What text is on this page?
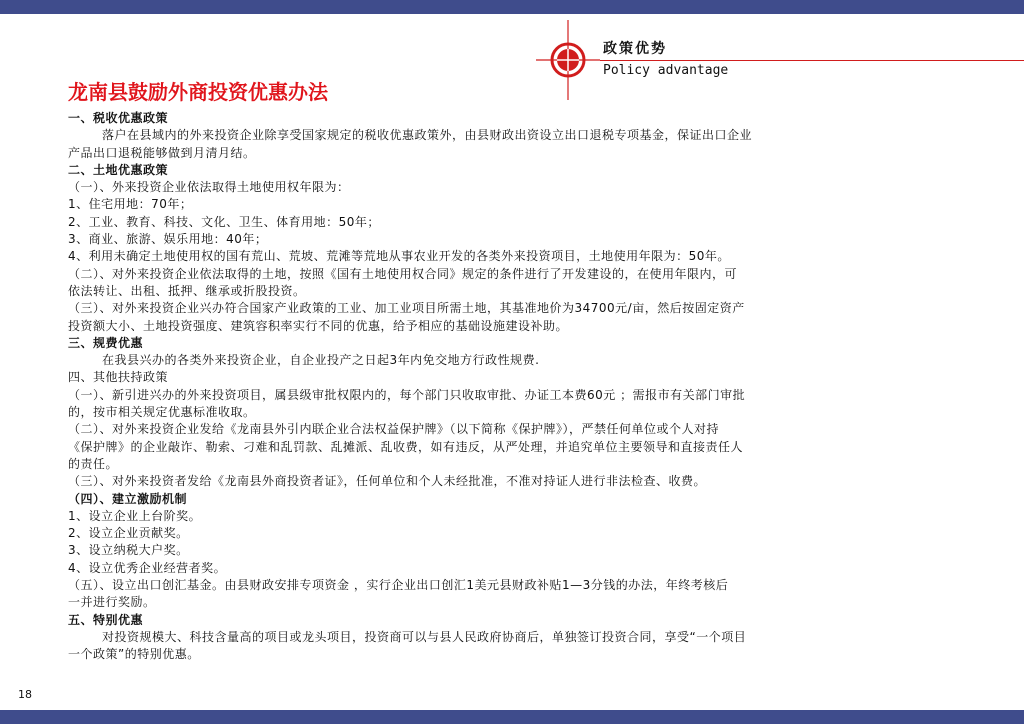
政策优势
Policy advantage
龙南县鼓励外商投资优惠办法
一、税收优惠政策
落户在县域内的外来投资企业除享受国家规定的税收优惠政策外，由县财政出资设立出口退税专项基金，保证出口企业
产品出口退税能够做到月清月结。
二、土地优惠政策
（一）、外来投资企业依法取得土地使用权年限为：
1、住宅用地：70年；
2、工业、教育、科技、文化、卫生、体育用地：50年；
3、商业、旅游、娱乐用地：40年；
4、利用未确定土地使用权的国有荒山、荒坡、荒滩等荒地从事农业开发的各类外来投资项目，土地使用年限为：50年。
（二）、对外来投资企业依法取得的土地，按照《国有土地使用权合同》规定的条件进行了开发建设的，在使用年限内，可
依法转让、出租、抵押、继承或折股投资。
（三）、对外来投资企业兴办符合国家产业政策的工业、加工业项目所需土地，其基准地价为34700元/亩，然后按固定资产
投资额大小、土地投资强度、建筑容积率实行不同的优惠，给予相应的基础设施建设补助。
三、规费优惠
在我县兴办的各类外来投资企业，自企业投产之日起3年内免交地方行政性规费.
四、其他扶持政策
（一）、新引进兴办的外来投资项目，属县级审批权限内的，每个部门只收取审批、办证工本费60元 ；需报市有关部门审批
的，按市相关规定优惠标准收取。
（二）、对外来投资企业发给《龙南县外引内联企业合法权益保护牌》（以下简称《保护牌》），严禁任何单位或个人对持
《保护牌》的企业敲诈、勒索、刁难和乱罚款、乱摊派、乱收费，如有违反，从严处理，并追究单位主要领导和直接责任人
的责任。
（三）、对外来投资者发给《龙南县外商投资者证》，任何单位和个人未经批准，不准对持证人进行非法检查、收费。
（四）、建立激励机制
1、设立企业上台阶奖。
2、设立企业贡献奖。
3、设立纳税大户奖。
4、设立优秀企业经营者奖。
（五）、设立出口创汇基金。由县财政安排专项资金 ，实行企业出口创汇1美元县财政补贴1—3分钱的办法，年终考核后
一并进行奖励。
五、特别优惠
对投资规模大、科技含量高的项目或龙头项目，投资商可以与县人民政府协商后，单独签订投资合同，享受“一个项目
一个政策”的特别优惠。
18
